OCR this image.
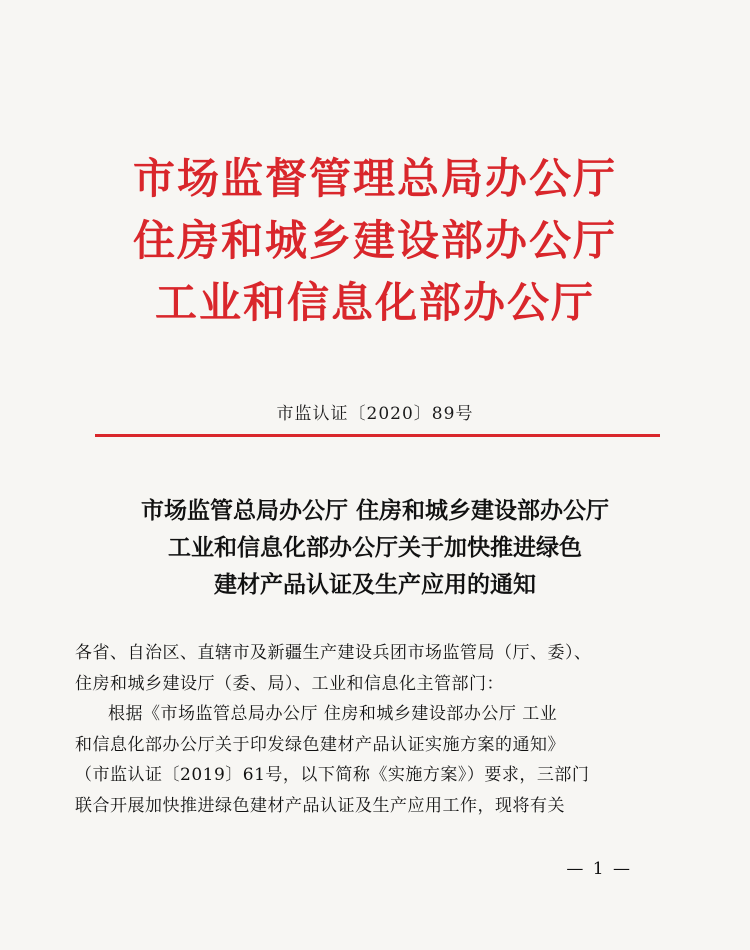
市场监督管理总局办公厅
住房和城乡建设部办公厅
工业和信息化部办公厅
市监认证〔2020〕89号
市场监管总局办公厅 住房和城乡建设部办公厅
工业和信息化部办公厅关于加快推进绿色
建材产品认证及生产应用的通知
各省、自治区、直辖市及新疆生产建设兵团市场监管局（厅、委）、
住房和城乡建设厅（委、局）、工业和信息化主管部门：
根据《市场监管总局办公厅 住房和城乡建设部办公厅 工业
和信息化部办公厅关于印发绿色建材产品认证实施方案的通知》
（市监认证〔2019〕61号，以下简称《实施方案》）要求，三部门
联合开展加快推进绿色建材产品认证及生产应用工作，现将有关
— 1 —
